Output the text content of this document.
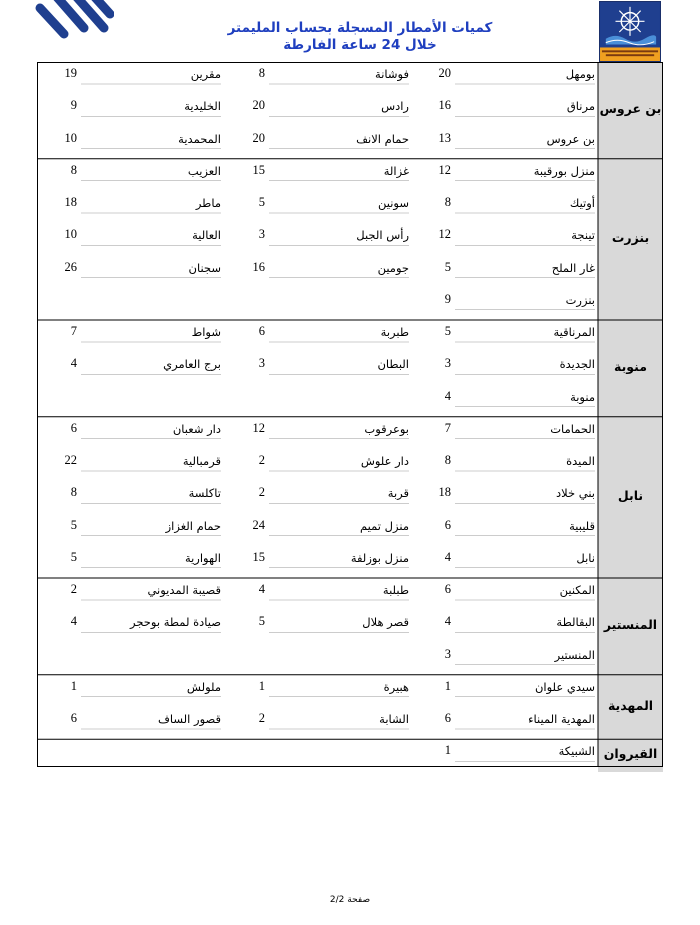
كميات الأمطار المسجلة بحساب المليمتر
خلال 24 ساعة الفارطة
بن عروس
بومهل
20
فوشانة
8
مقرين
19
مرناق
16
رادس
20
الخليدية
9
بن عروس
13
حمام الانف
20
المحمدية
10
بنزرت
منزل بورقيبة
12
غزالة
15
العزيب
8
أوتيك
8
سونين
5
ماطر
18
تينجة
12
رأس الجبل
3
العالية
10
غار الملح
5
جومين
16
سجنان
26
بنزرت
9
منوبة
المرناقية
5
طبربة
6
شواط
7
الجديدة
3
البطان
3
برج العامري
4
منوبة
4
نابل
الحمامات
7
بوعرقوب
12
دار شعبان
6
الميدة
8
دار علوش
2
قرمبالية
22
بني خلاد
18
قربة
2
تاكلسة
8
قليبية
6
منزل تميم
24
حمام الغزاز
5
نابل
4
منزل بوزلفة
15
الهوارية
5
المنستير
المكنين
6
طبلبة
4
قصيبة المديوني
2
البقالطة
4
قصر هلال
5
صيادة لمطة بوحجر
4
المنستير
3
المهدية
سيدي علوان
1
هبيرة
1
ملولش
1
المهدية الميناء
6
الشابة
2
قصور الساف
6
القيروان
الشبيكة
1
صفحة 2/2
